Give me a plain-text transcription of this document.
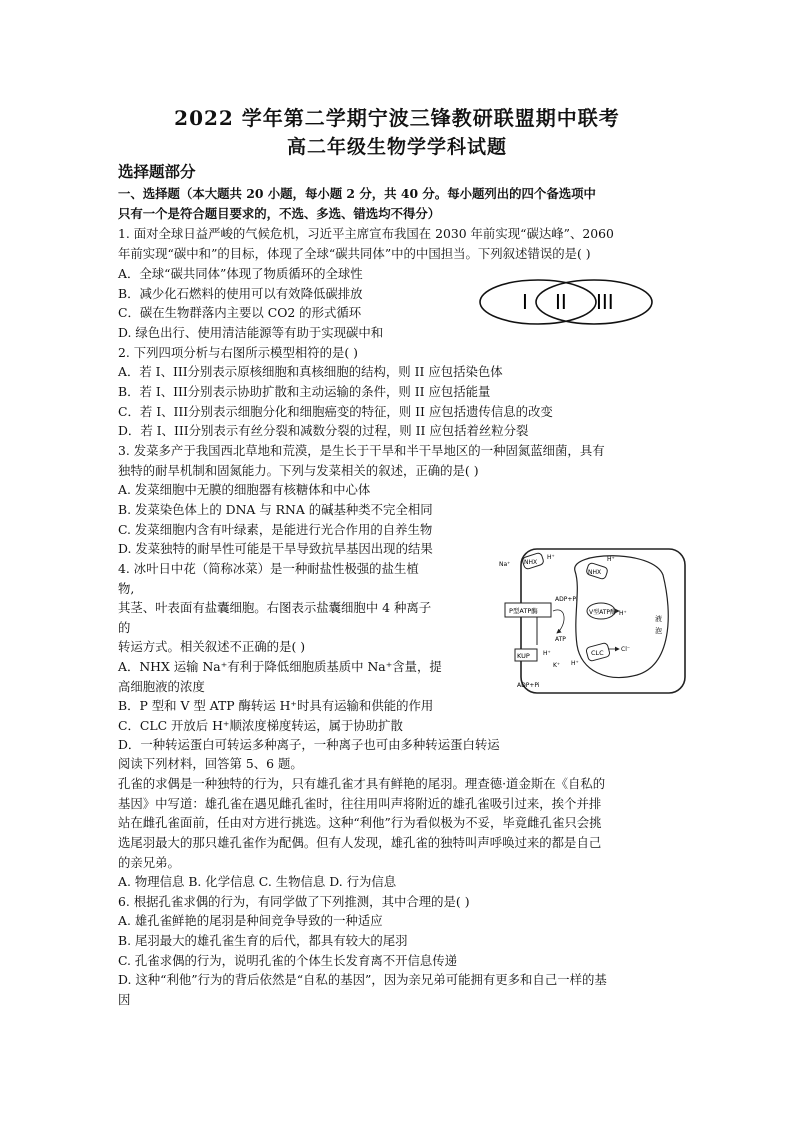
2022 学年第二学期宁波三锋教研联盟期中联考
高二年级生物学学科试题
选择题部分
一、选择题（本大题共 20 小题，每小题 2 分，共 40 分。每小题列出的四个备选项中
只有一个是符合题目要求的，不选、多选、错选均不得分）
1. 面对全球日益严峻的气候危机，习近平主席宣布我国在 2030 年前实现“碳达峰”、2060
年前实现“碳中和”的目标，体现了全球“碳共同体”中的中国担当。下列叙述错误的是( )
A．全球“碳共同体”体现了物质循环的全球性
B．减少化石燃料的使用可以有效降低碳排放
C．碳在生物群落内主要以 CO2 的形式循环
D. 绿色出行、使用清洁能源等有助于实现碳中和
I II III
2. 下列四项分析与右图所示模型相符的是( )
A．若 I、III分别表示原核细胞和真核细胞的结构，则 II 应包括染色体
B．若 I、III分别表示协助扩散和主动运输的条件，则 II 应包括能量
C．若 I、III分别表示细胞分化和细胞癌变的特征，则 II 应包括遗传信息的改变
D．若 I、III分别表示有丝分裂和减数分裂的过程，则 II 应包括着丝粒分裂
3. 发菜多产于我国西北草地和荒漠，是生长于干旱和半干旱地区的一种固氮蓝细菌，具有
独特的耐旱机制和固氮能力。下列与发菜相关的叙述，正确的是( )
A. 发菜细胞中无膜的细胞器有核糖体和中心体
B. 发菜染色体上的 DNA 与 RNA 的碱基种类不完全相同
C. 发菜细胞内含有叶绿素，是能进行光合作用的自养生物
D. 发菜独特的耐旱性可能是干旱导致抗旱基因出现的结果
4. 冰叶日中花（简称冰菜）是一种耐盐性极强的盐生植
物,
其茎、叶表面有盐囊细胞。右图表示盐囊细胞中 4 种离子
的
转运方式。相关叙述不正确的是( )
A．NHX 运输 Na⁺有利于降低细胞质基质中 Na⁺含量，提
高细胞液的浓度
B．P 型和 V 型 ATP 酶转运 H⁺时具有运输和供能的作用
C．CLC 开放后 H⁺顺浓度梯度转运，属于协助扩散
D．一种转运蛋白可转运多种离子，一种离子也可由多种转运蛋白转运
NHX
Na⁺
H⁺
NHX
H⁺
P型ATP酶
ADP+Pi
ATP
V型ATP酶 H⁺
液
泡
KUP H⁺
K⁺
ADP+Pi
CLC	Cl⁻
H⁺
阅读下列材料，回答第 5、6 题。
孔雀的求偶是一种独特的行为，只有雄孔雀才具有鲜艳的尾羽。理查德·道金斯在《自私的
基因》中写道：雄孔雀在遇见雌孔雀时，往往用叫声将附近的雄孔雀吸引过来，挨个并排
站在雌孔雀面前，任由对方进行挑选。这种“利他”行为看似极为不妥，毕竟雌孔雀只会挑
选尾羽最大的那只雄孔雀作为配偶。但有人发现，雄孔雀的独特叫声呼唤过来的都是自己
的亲兄弟。
A. 物理信息 B. 化学信息 C. 生物信息 D. 行为信息
6. 根据孔雀求偶的行为，有同学做了下列推测，其中合理的是( )
A. 雄孔雀鲜艳的尾羽是种间竞争导致的一种适应
B. 尾羽最大的雄孔雀生育的后代，都具有较大的尾羽
C. 孔雀求偶的行为，说明孔雀的个体生长发育离不开信息传递
D. 这种“利他”行为的背后依然是“自私的基因”，因为亲兄弟可能拥有更多和自己一样的基
因
